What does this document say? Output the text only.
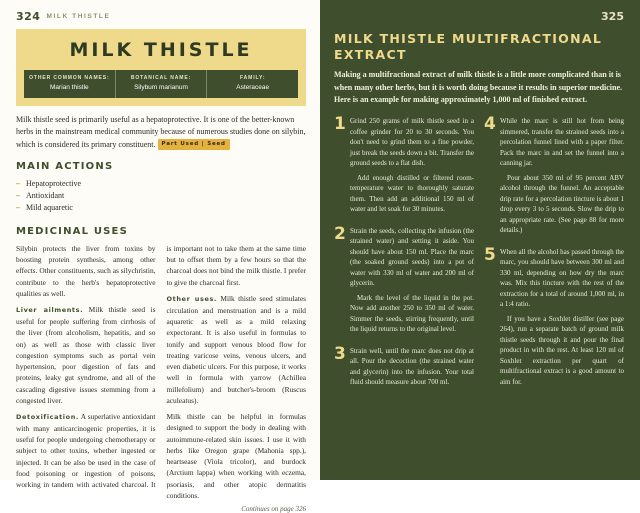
324 MILK THISTLE
MILK THISTLE
OTHER COMMON NAMES:
Marian thistle
BOTANICAL NAME:
Silybum marianum
FAMILY:
Asteraceae

Milk thistle seed is primarily useful as a hepatoprotective. It is one of the better-known herbs in the mainstream medical community because of numerous studies done on silybin, which is considered its primary constituent. Part Used | Seed

MAIN ACTIONS
– Hepatoprotective
– Antioxidant
– Mild aquaretic
MEDICINAL USES

Silybin protects the liver from toxins by boosting protein synthesis, among other effects. Other constituents, such as silychristin, contribute to the herb's hepatoprotective qualities as well.

Liver ailments. Milk thistle seed is useful for people suffering from cirrhosis of the liver (from alcoholism, hepatitis, and so on) as well as those with classic liver congestion symptoms such as portal vein hypertension, poor digestion of fats and proteins, leaky gut syndrome, and all of the cascading digestive issues stemming from a congested liver.

Detoxification. A superlative antioxidant with many anticarcinogenic properties, it is useful for people undergoing chemotherapy or subject to other toxins, whether ingested or injected. It can be also be used in the case of food poisoning or ingestion of poisons, working in tandem with activated charcoal. It is important not to take them at the same time but to offset them by a few hours so that the charcoal does not bind the milk thistle. I prefer to give the charcoal first.

Other uses. Milk thistle seed stimulates circulation and menstruation and is a mild aquaretic as well as a mild relaxing expectorant. It is also useful in formulas to tonify and support venous blood flow for treating varicose veins, venous ulcers, and even diabetic ulcers. For this purpose, it works well in formula with yarrow (Achillea millefolium) and butcher's-broom (Ruscus aculeatus).

Milk thistle can be helpful in formulas designed to support the body in dealing with autoimmune-related skin issues. I use it with herbs like Oregon grape (Mahonia spp.), heartsease (Viola tricolor), and burdock (Arctium lappa) when working with eczema, psoriasis, and other atopic dermatitis conditions.

Continues on page 326

325
MILK THISTLE MULTIFRACTIONAL EXTRACT

Making a multifractional extract of milk thistle is a little more complicated than it is when many other herbs, but it is worth doing because it results in superior medicine. Here is an example for making approximately 1,000 ml of finished extract.

1 Grind 250 grams of milk thistle seed in a coffee grinder for 20 to 30 seconds. You don't need to grind them to a fine powder, just break the seeds down a bit. Transfer the ground seeds to a flat dish.

Add enough distilled or filtered room-temperature water to thoroughly saturate them. Then add an additional 150 ml of water and let soak for 30 minutes.

2 Strain the seeds, collecting the infusion (the strained water) and setting it aside. You should have about 150 ml. Place the marc (the soaked ground seeds) into a pot of water with 330 ml of water and 200 ml of glycerin.

Mark the level of the liquid in the pot. Now add another 250 to 350 ml of water. Simmer the seeds, stirring frequently, until the liquid returns to the original level.

3 Strain well, until the marc does not drip at all. Pour the decoction (the strained water and glycerin) into the infusion. Your total fluid should measure about 700 ml.

4 While the marc is still hot from being simmered, transfer the strained seeds into a percolation funnel lined with a paper filter. Pack the marc in and set the funnel into a canning jar.

Pour about 350 ml of 95 percent ABV alcohol through the funnel. An acceptable drip rate for a percolation tincture is about 1 drop every 3 to 5 seconds. Slow the drip to an appropriate rate. (See page 88 for more details.)

5 When all the alcohol has passed through the marc, you should have between 300 ml and 330 ml, depending on how dry the marc was. Mix this tincture with the rest of the extraction for a total of around 1,000 ml, in a 1:4 ratio.

If you have a Soxhlet distiller (see page 264), run a separate batch of ground milk thistle seeds through it and pour the final product in with the rest. At least 120 ml of Soxhlet extraction per quart of multifractional extract is a good amount to aim for.
